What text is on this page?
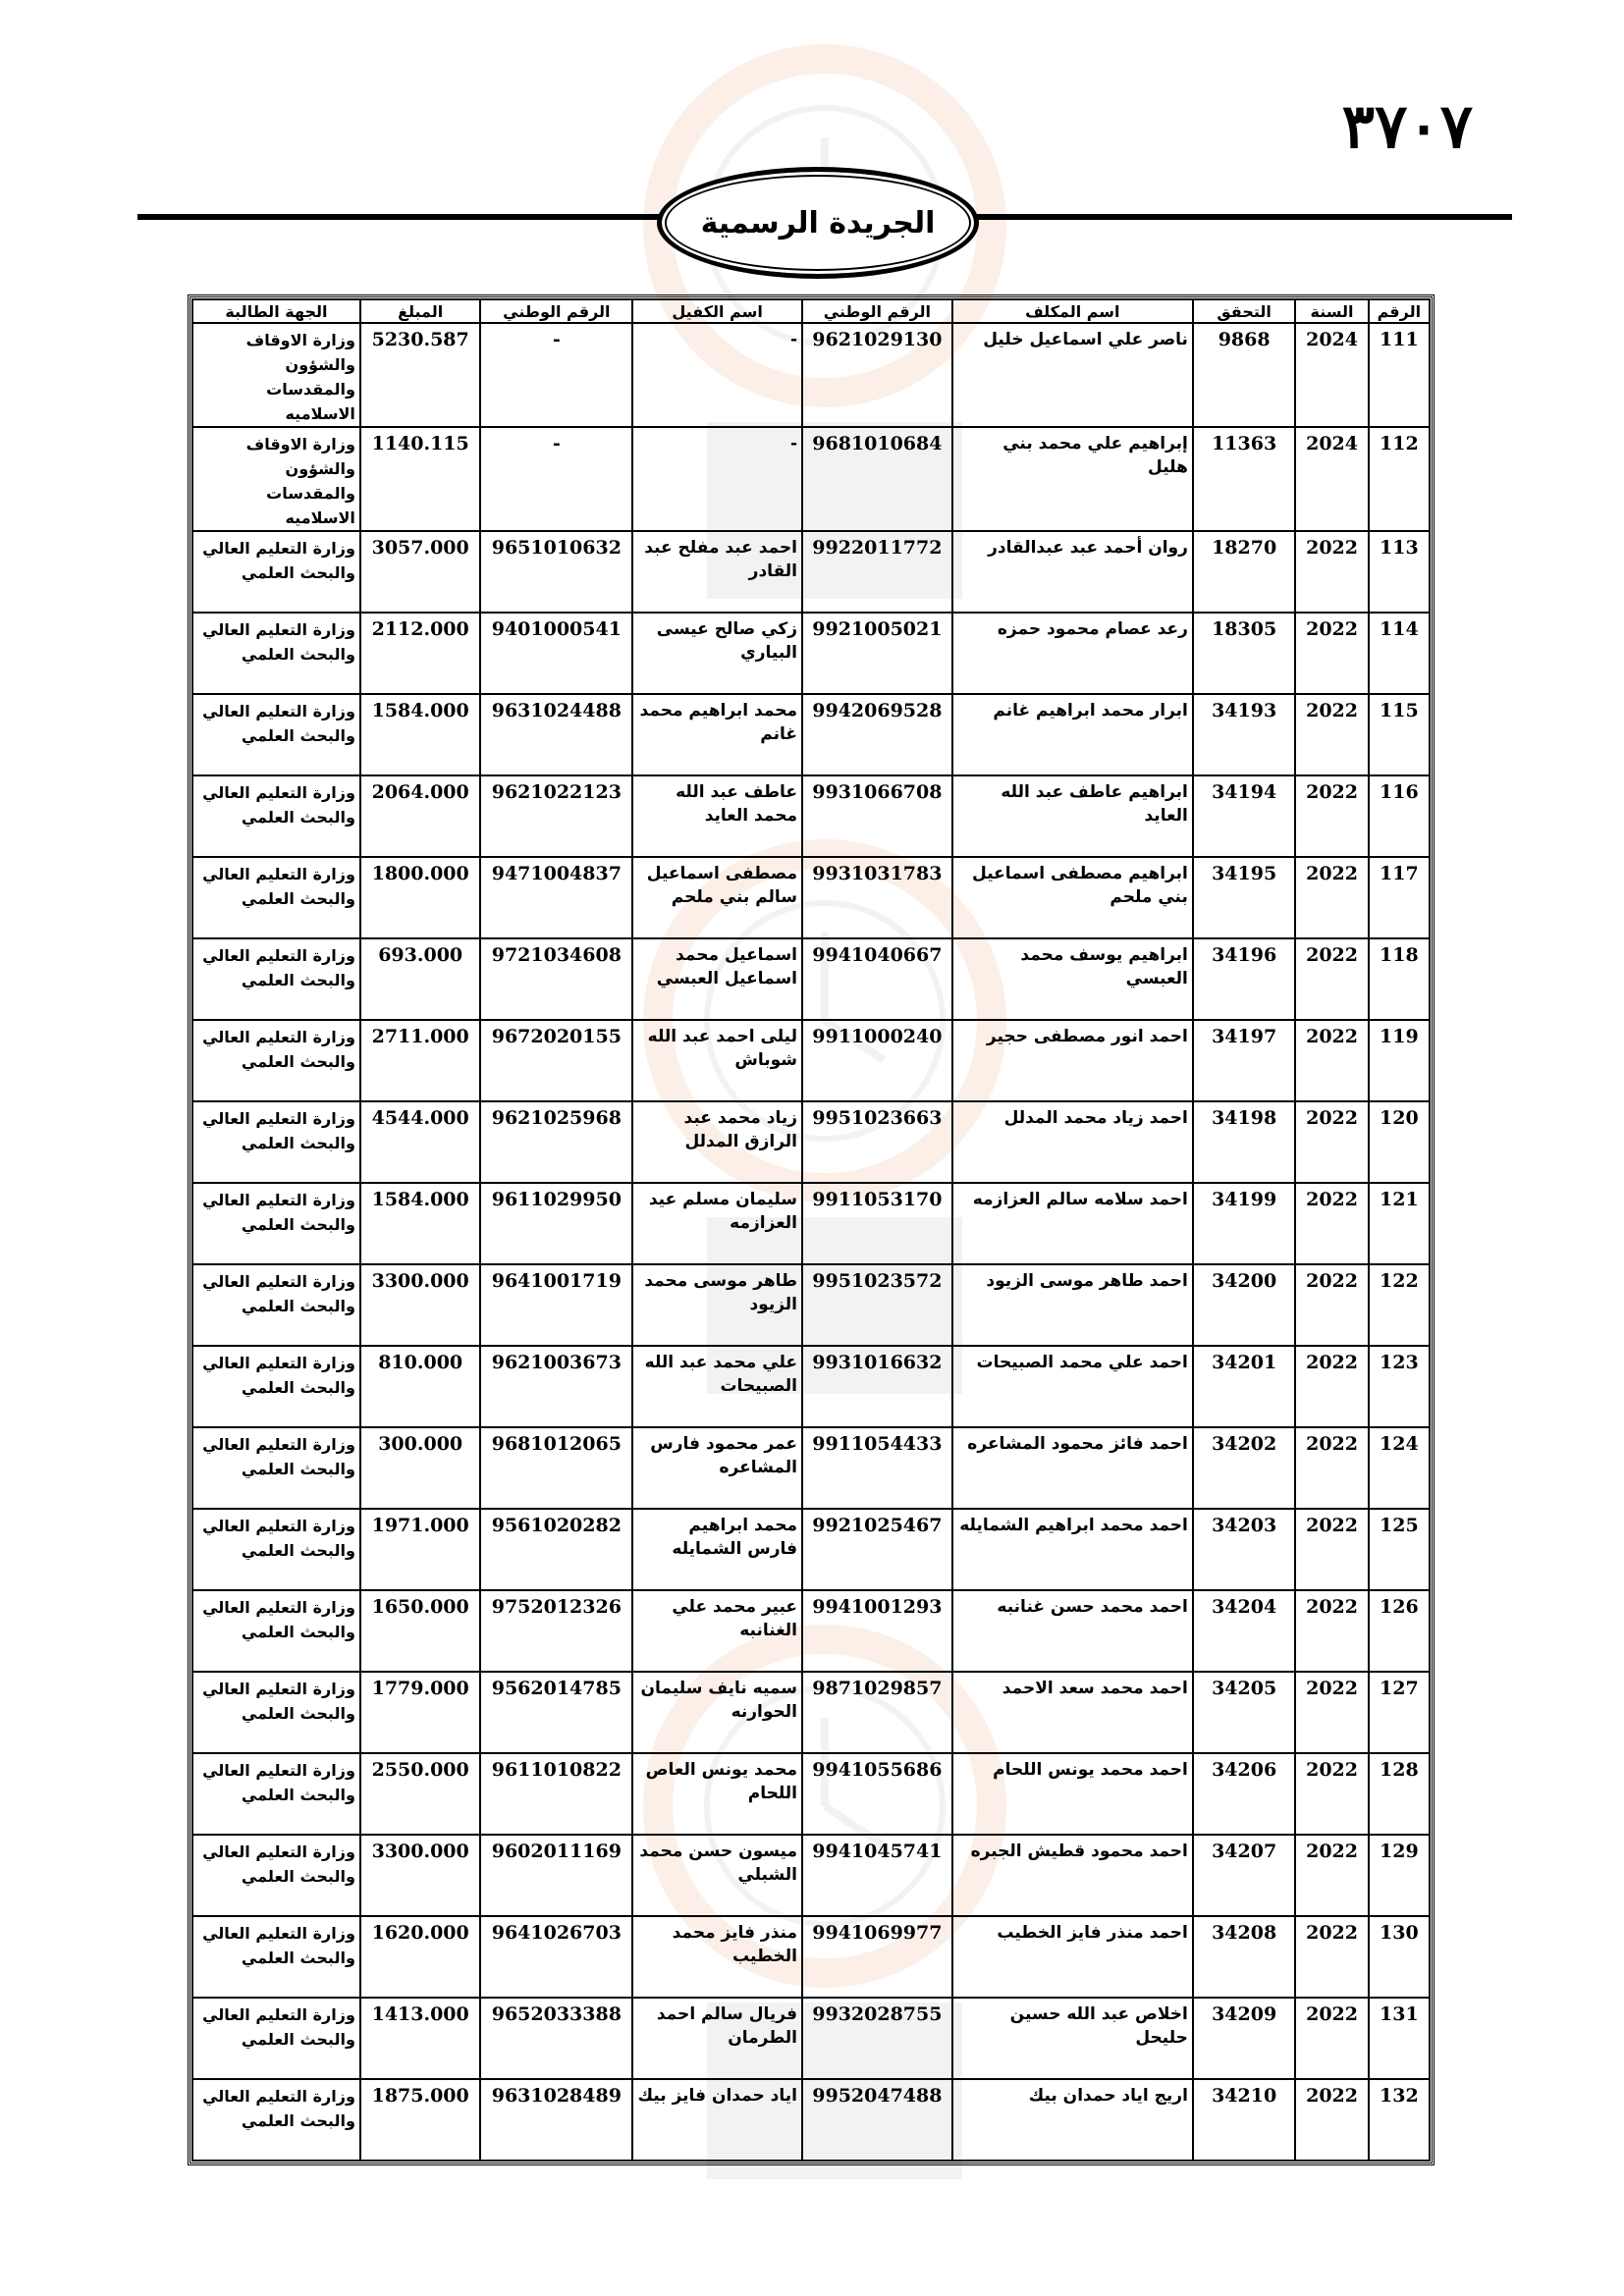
٣٧٠٧
الجريدة الرسمية
الرقم	السنة	التحقق	اسم المكلف	الرقم الوطني	اسم الكفيل	الرقم الوطني	المبلغ	الجهة الطالبة
111	2024	9868	ناصر علي اسماعيل خليل	9621029130	-	-	5230.587	وزارة الاوقاف والشؤون والمقدسات الاسلاميه
112	2024	11363	إبراهيم علي محمد بني هليل	9681010684	-	-	1140.115	وزارة الاوقاف والشؤون والمقدسات الاسلاميه
113	2022	18270	روان أحمد عبد عبدالقادر	9922011772	احمد عبد مفلح عبد القادر	9651010632	3057.000	وزارة التعليم العالي والبحث العلمي
114	2022	18305	رعد عصام محمود حمزه	9921005021	زكي صالح عيسى البياري	9401000541	2112.000	وزارة التعليم العالي والبحث العلمي
115	2022	34193	ابرار محمد ابراهيم غانم	9942069528	محمد ابراهيم محمد غانم	9631024488	1584.000	وزارة التعليم العالي والبحث العلمي
116	2022	34194	ابراهيم عاطف عبد الله العايد	9931066708	عاطف عبد الله محمد العايد	9621022123	2064.000	وزارة التعليم العالي والبحث العلمي
117	2022	34195	ابراهيم مصطفى اسماعيل بني ملحم	9931031783	مصطفى اسماعيل سالم بني ملحم	9471004837	1800.000	وزارة التعليم العالي والبحث العلمي
118	2022	34196	ابراهيم يوسف محمد العبسي	9941040667	اسماعيل محمد اسماعيل العبسي	9721034608	693.000	وزارة التعليم العالي والبحث العلمي
119	2022	34197	احمد انور مصطفى حجير	9911000240	ليلى احمد عبد الله شوباش	9672020155	2711.000	وزارة التعليم العالي والبحث العلمي
120	2022	34198	احمد زياد محمد المدلل	9951023663	زياد محمد عبد الرازق المدلل	9621025968	4544.000	وزارة التعليم العالي والبحث العلمي
121	2022	34199	احمد سلامه سالم العزازمه	9911053170	سليمان مسلم عيد العزازمه	9611029950	1584.000	وزارة التعليم العالي والبحث العلمي
122	2022	34200	احمد طاهر موسى الزيود	9951023572	طاهر موسى محمد الزيود	9641001719	3300.000	وزارة التعليم العالي والبحث العلمي
123	2022	34201	احمد علي محمد الصبيحات	9931016632	علي محمد عبد الله الصبيحات	9621003673	810.000	وزارة التعليم العالي والبحث العلمي
124	2022	34202	احمد فائز محمود المشاعره	9911054433	عمر محمود فارس المشاعره	9681012065	300.000	وزارة التعليم العالي والبحث العلمي
125	2022	34203	احمد محمد ابراهيم الشمايله	9921025467	محمد ابراهيم فارس الشمايله	9561020282	1971.000	وزارة التعليم العالي والبحث العلمي
126	2022	34204	احمد محمد حسن غنانبه	9941001293	عبير محمد علي الغنانبه	9752012326	1650.000	وزارة التعليم العالي والبحث العلمي
127	2022	34205	احمد محمد سعد الاحمد	9871029857	سميه نايف سليمان الحوارنه	9562014785	1779.000	وزارة التعليم العالي والبحث العلمي
128	2022	34206	احمد محمد يونس اللحام	9941055686	محمد يونس العاص اللحام	9611010822	2550.000	وزارة التعليم العالي والبحث العلمي
129	2022	34207	احمد محمود قطيش الجبره	9941045741	ميسون حسن محمد الشبلي	9602011169	3300.000	وزارة التعليم العالي والبحث العلمي
130	2022	34208	احمد منذر فايز الخطيب	9941069977	منذر فايز محمد الخطيب	9641026703	1620.000	وزارة التعليم العالي والبحث العلمي
131	2022	34209	اخلاص عبد الله حسين حليحل	9932028755	فريال سالم احمد الطرمان	9652033388	1413.000	وزارة التعليم العالي والبحث العلمي
132	2022	34210	اريج اياد حمدان بيك	9952047488	اياد حمدان فايز بيك	9631028489	1875.000	وزارة التعليم العالي والبحث العلمي
